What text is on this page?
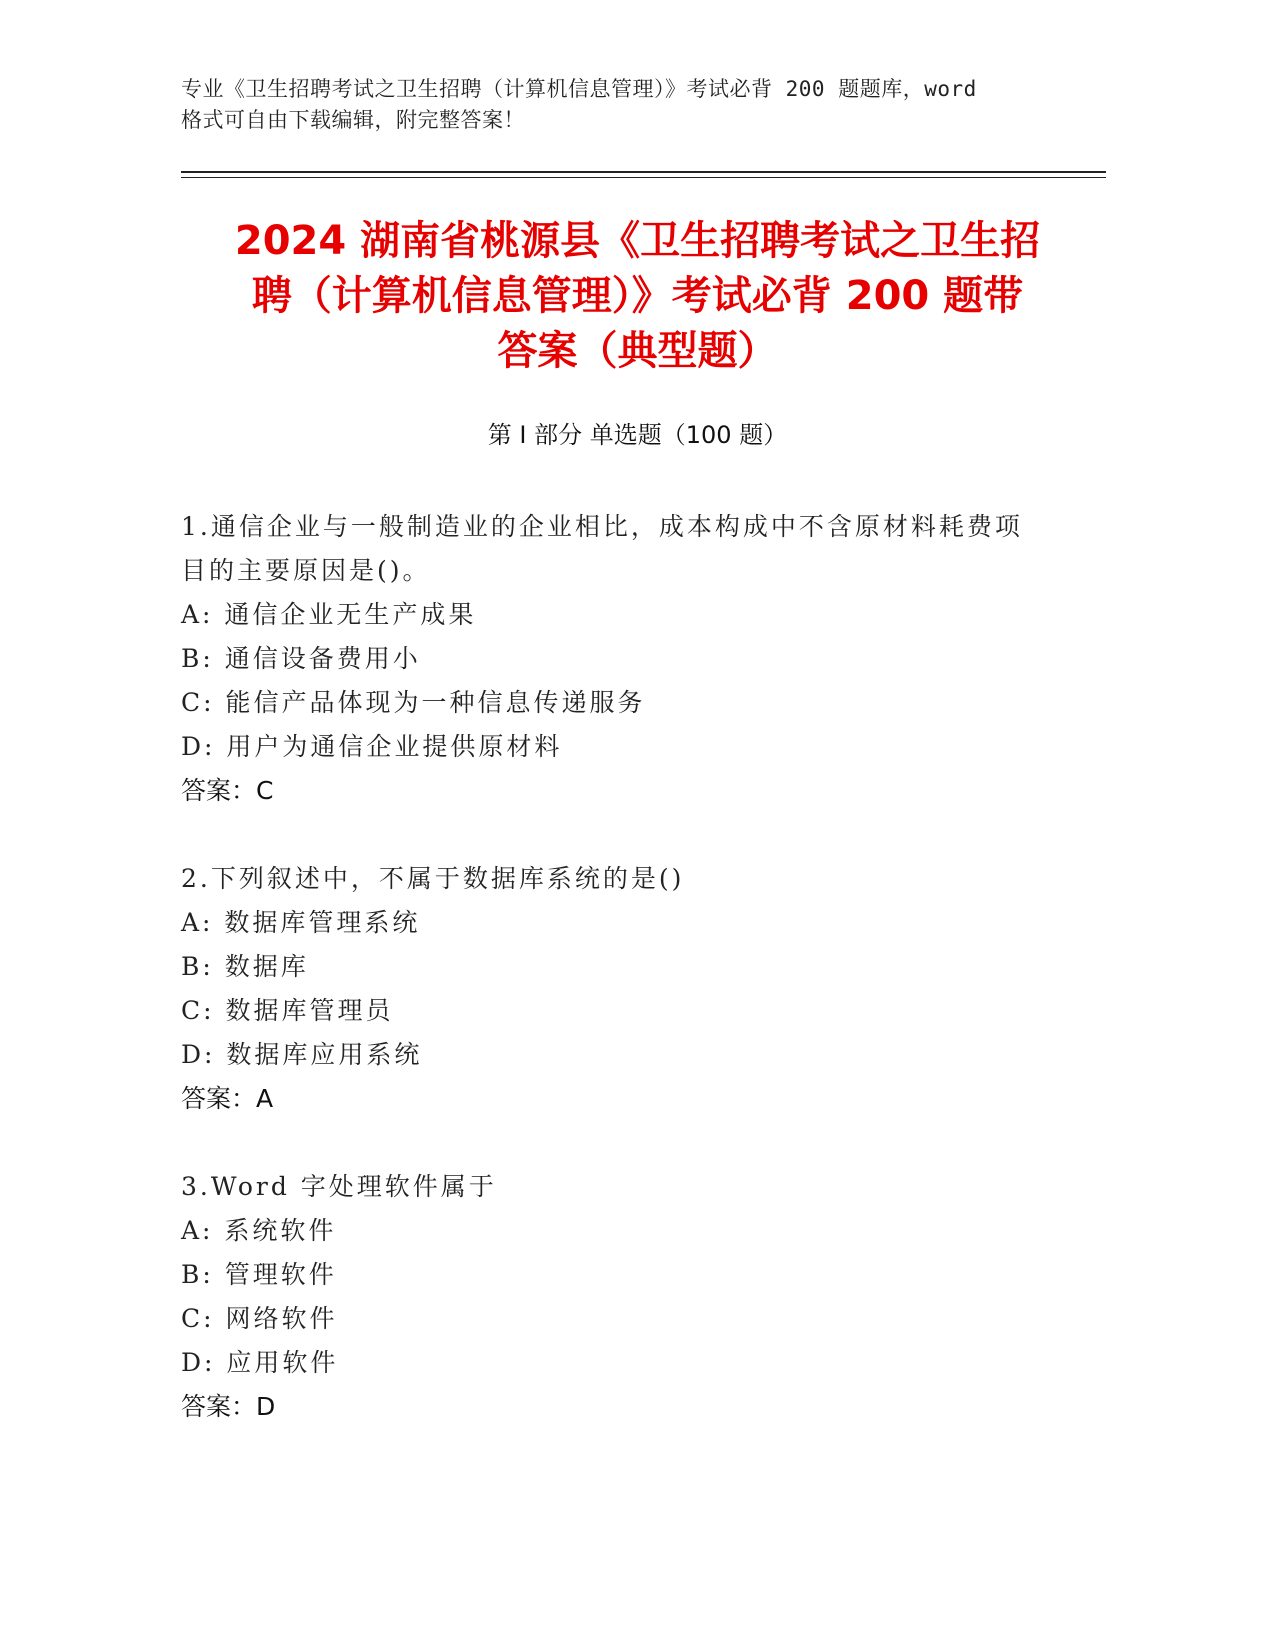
专业《卫生招聘考试之卫生招聘（计算机信息管理）》考试必背 200 题题库，word
格式可自由下载编辑，附完整答案！
2024 湖南省桃源县《卫生招聘考试之卫生招
聘（计算机信息管理）》考试必背 200 题带
答案（典型题）
第 I 部分 单选题（100 题）
1.通信企业与一般制造业的企业相比，成本构成中不含原材料耗费项
目的主要原因是()。
A: 通信企业无生产成果
B: 通信设备费用小
C: 能信产品体现为一种信息传递服务
D: 用户为通信企业提供原材料
答案：C
2.下列叙述中，不属于数据库系统的是()
A: 数据库管理系统
B: 数据库
C: 数据库管理员
D: 数据库应用系统
答案：A
3.Word 字处理软件属于
A: 系统软件
B: 管理软件
C: 网络软件
D: 应用软件
答案：D
